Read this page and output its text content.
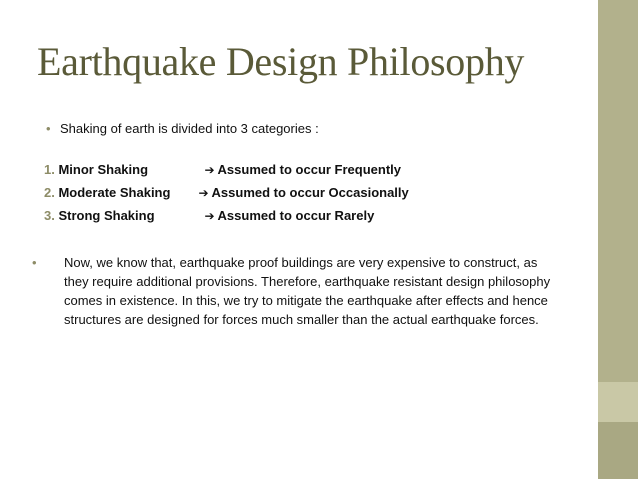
Earthquake Design Philosophy
• Shaking of earth is divided into 3 categories :
1. Minor Shaking	➔ Assumed to occur Frequently
2. Moderate Shaking ➔ Assumed to occur Occasionally
3. Strong Shaking	➔ Assumed to occur Rarely
•	Now, we know that, earthquake proof buildings are very expensive to construct, as they require additional provisions. Therefore, earthquake resistant design philosophy comes in existence. In this, we try to mitigate the earthquake after effects and hence structures are designed for forces much smaller than the actual earthquake forces.
